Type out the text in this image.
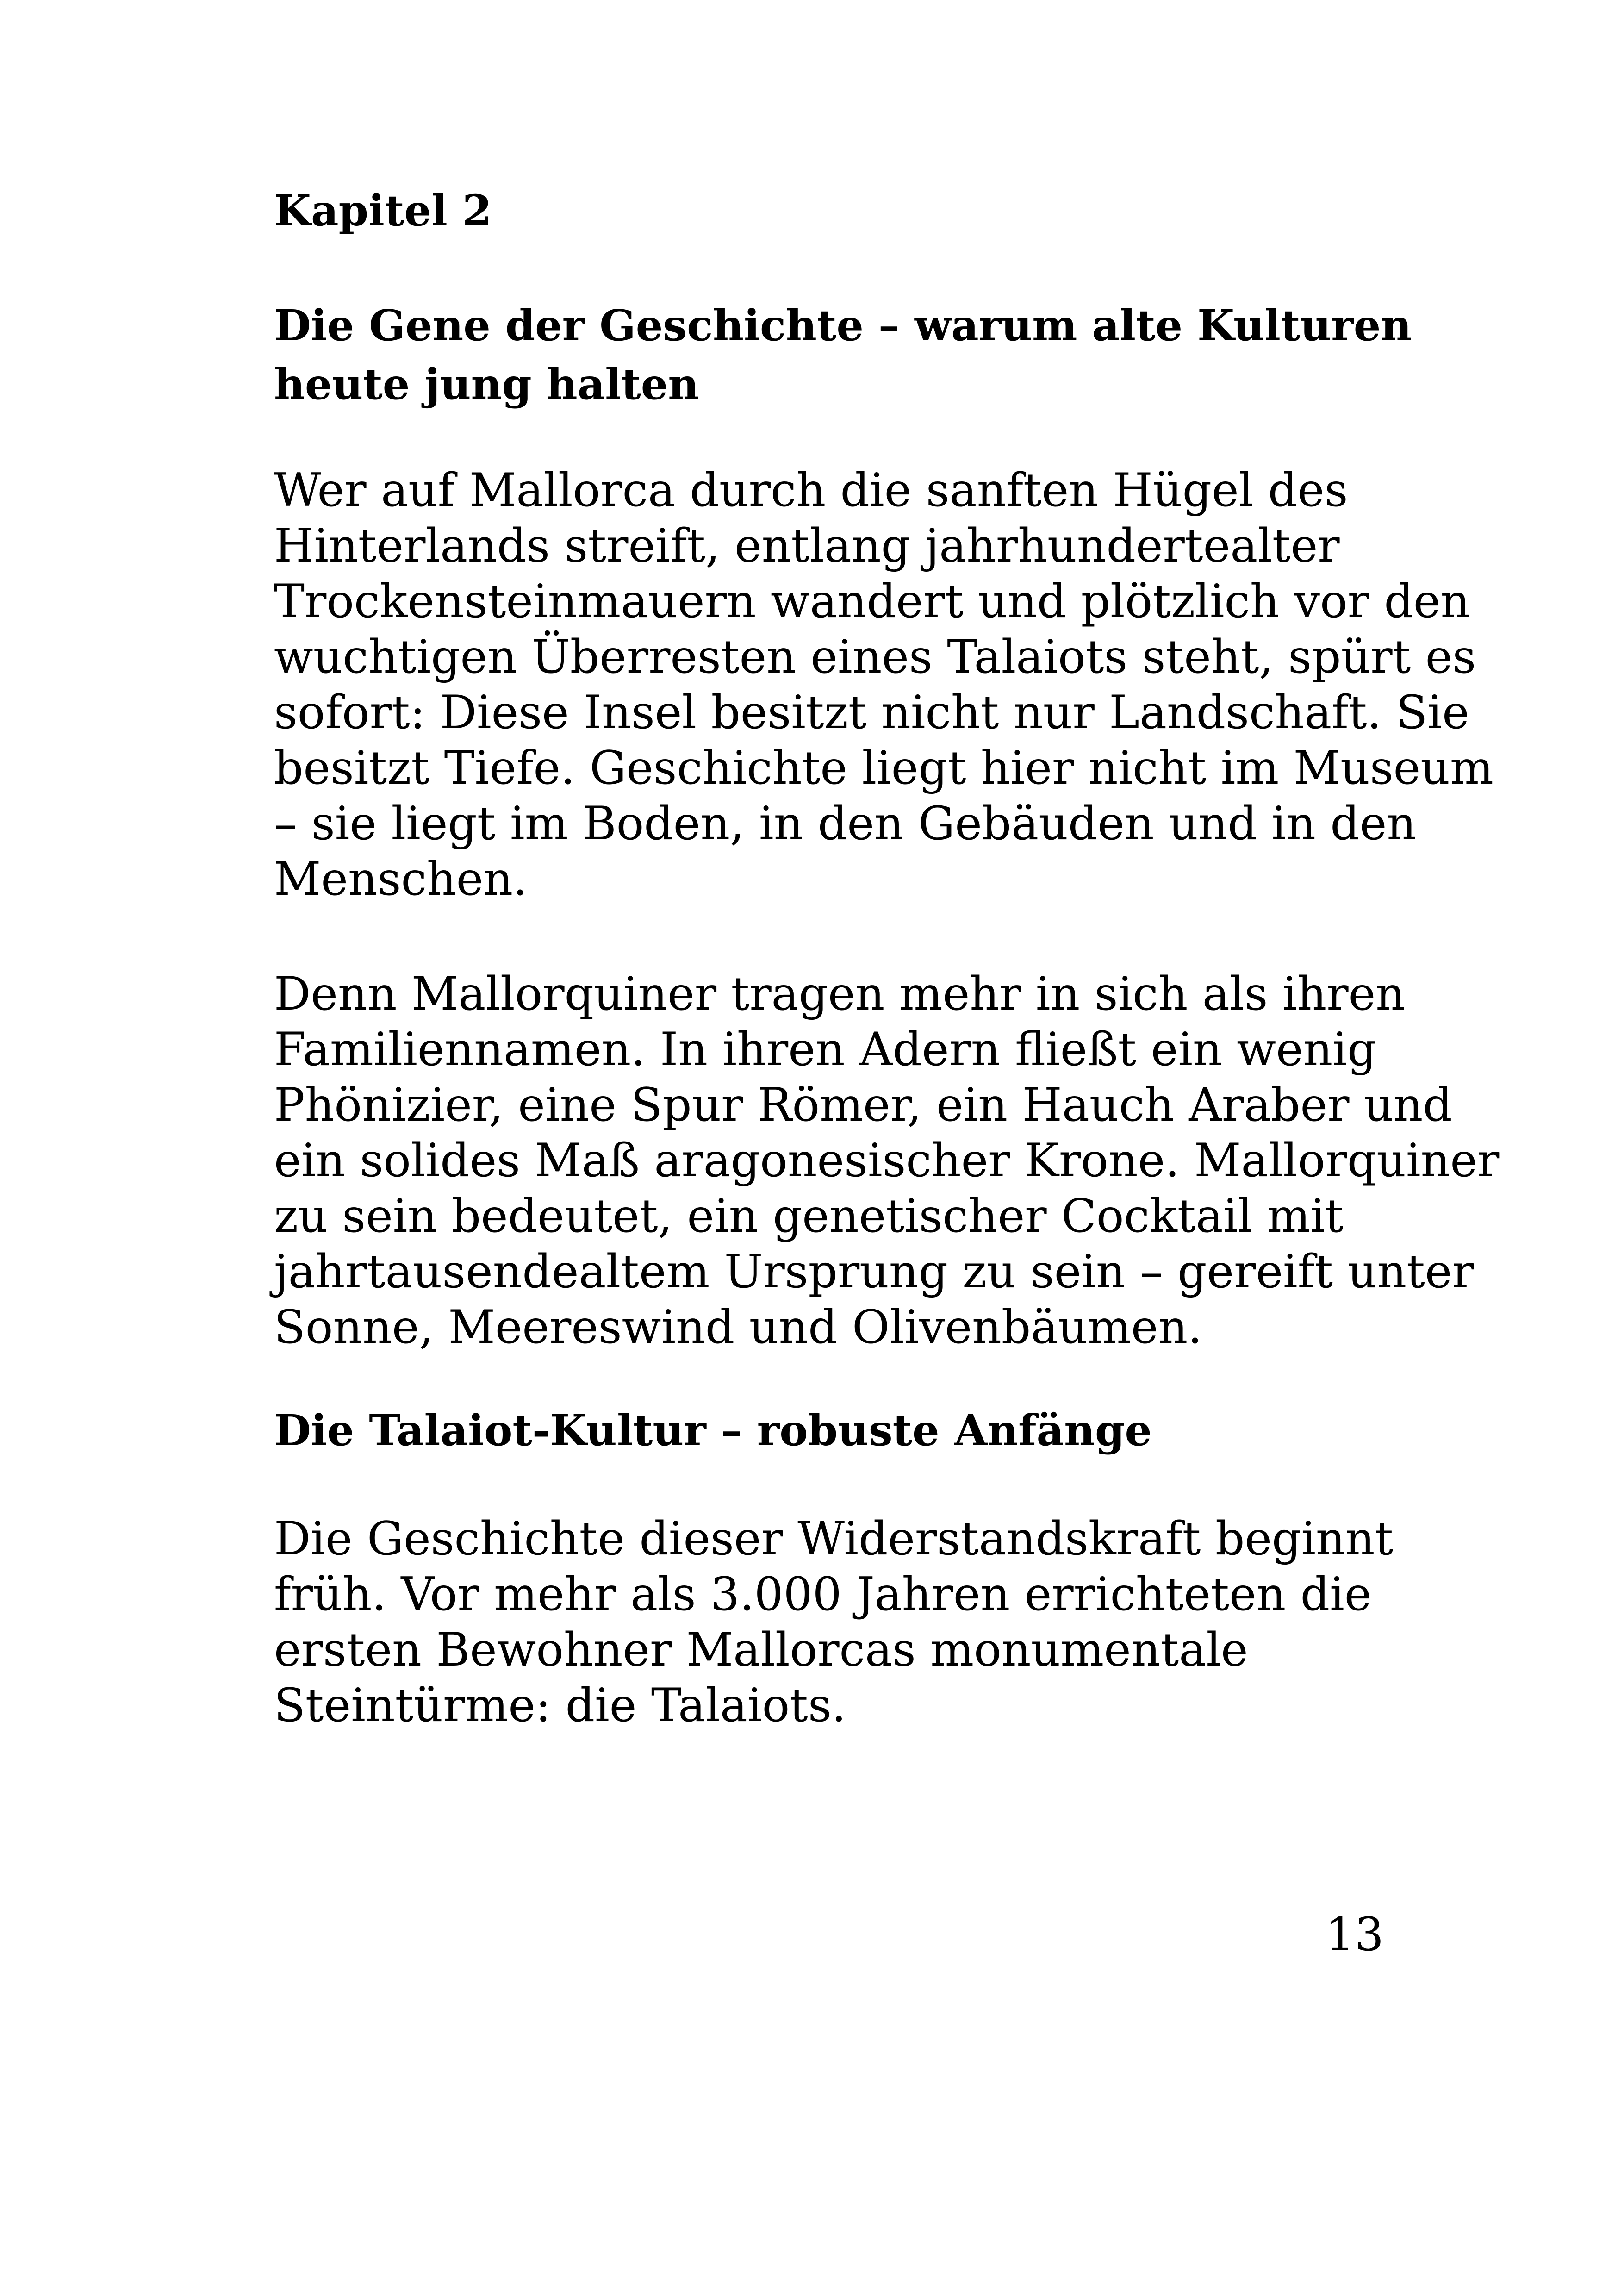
Kapitel 2
Die Gene der Geschichte – warum alte Kulturen
heute jung halten

Wer auf Mallorca durch die sanften Hügel des
Hinterlands streift, entlang jahrhundertealter
Trockensteinmauern wandert und plötzlich vor den
wuchtigen Überresten eines Talaiots steht, spürt es
sofort: Diese Insel besitzt nicht nur Landschaft. Sie
besitzt Tiefe. Geschichte liegt hier nicht im Museum
– sie liegt im Boden, in den Gebäuden und in den
Menschen.

Denn Mallorquiner tragen mehr in sich als ihren
Familiennamen. In ihren Adern fließt ein wenig
Phönizier, eine Spur Römer, ein Hauch Araber und
ein solides Maß aragonesischer Krone. Mallorquiner
zu sein bedeutet, ein genetischer Cocktail mit
jahrtausendealtem Ursprung zu sein – gereift unter
Sonne, Meereswind und Olivenbäumen.

Die Talaiot-Kultur – robuste Anfänge

Die Geschichte dieser Widerstandskraft beginnt
früh. Vor mehr als 3.000 Jahren errichteten die
ersten Bewohner Mallorcas monumentale
Steintürme: die Talaiots.

13
